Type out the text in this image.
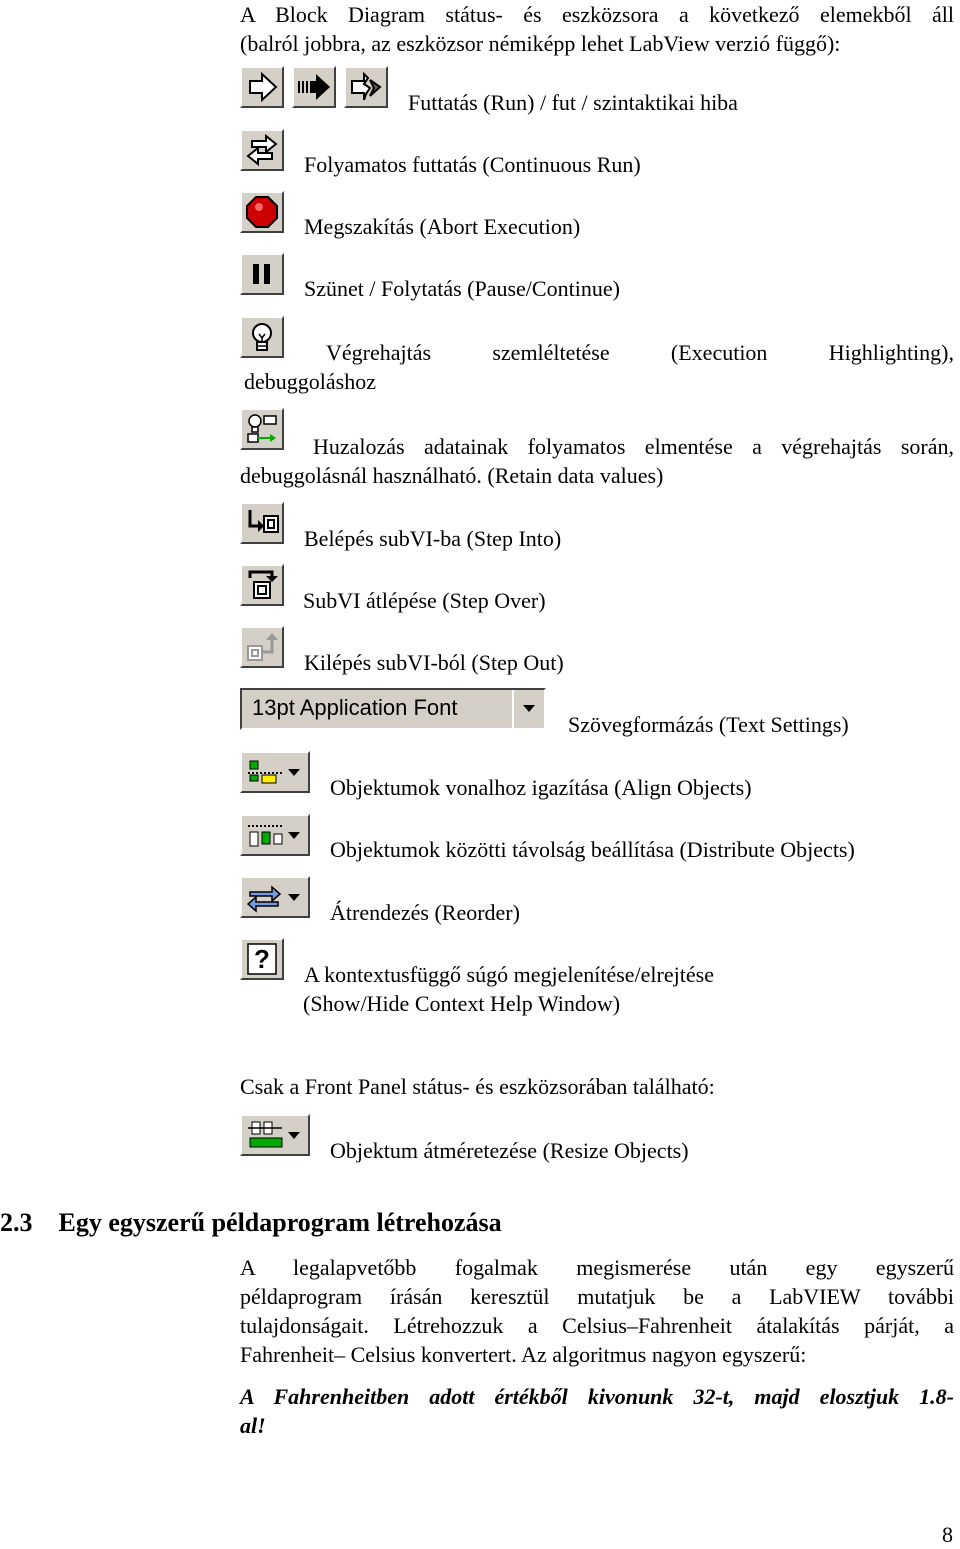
A Block Diagram státus- és eszközsora a következő elemekből áll
(balról jobbra, az eszközsor némiképp lehet LabView verzió függő):
Futtatás (Run) / fut / szintaktikai hiba
Folyamatos futtatás (Continuous Run)
Megszakítás (Abort Execution)
Szünet / Folytatás (Pause/Continue)
Végrehajtás szemléltetése (Execution Highlighting),
debuggoláshoz
Huzalozás adatainak folyamatos elmentése a végrehajtás során,
debuggolásnál használható. (Retain data values)
Belépés subVI-ba (Step Into)
SubVI átlépése (Step Over)
Kilépés subVI-ból (Step Out)
13pt Application Font
Szövegformázás (Text Settings)
Objektumok vonalhoz igazítása (Align Objects)
Objektumok közötti távolság beállítása (Distribute Objects)
Átrendezés (Reorder)
?
A kontextusfüggő súgó megjelenítése/elrejtése
(Show/Hide Context Help Window)
Csak a Front Panel státus- és eszközsorában található:
Objektum átméretezése (Resize Objects)
2.3    Egy egyszerű példaprogram létrehozása
A legalapvetőbb fogalmak megismerése után egy egyszerű
példaprogram írásán keresztül mutatjuk be a LabVIEW további
tulajdonságait. Létrehozzuk a Celsius–Fahrenheit átalakítás párját, a
Fahrenheit– Celsius konvertert. Az algoritmus nagyon egyszerű:
A Fahrenheitben adott értékből kivonunk 32-t, majd elosztjuk 1.8-
al!
8
